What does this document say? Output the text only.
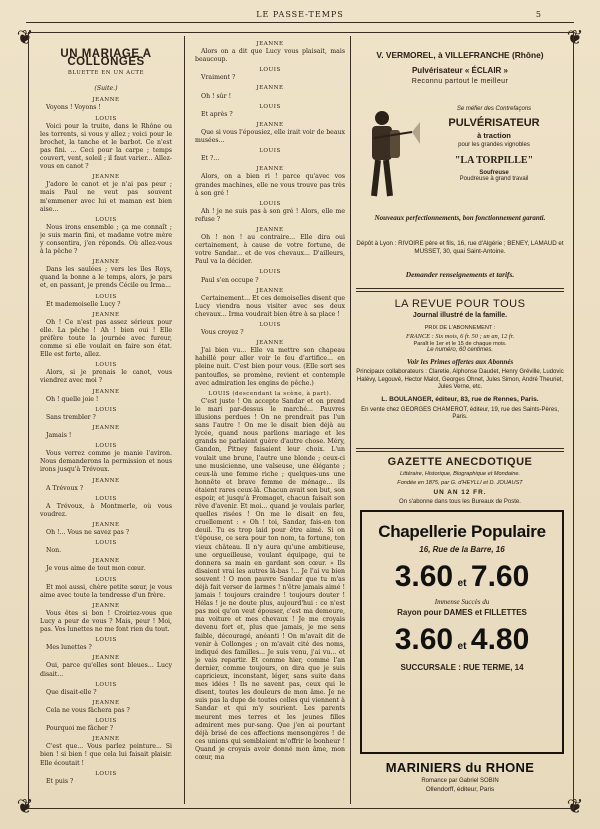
LE PASSE-TEMPS	5
❦	❦
❦	❦
UN MARIAGE A COLLONGES
BLUETTE EN UN ACTE
(Suite.)
JEANNE

Voyons ! Voyons !

LOUIS

Voici pour la truite, dans le Rhône ou les torrents, si vous y allez ; voici pour le brochet, la tanche et le barbot. Ce n'est pas fini. ... Ceci pour la carpe ; temps couvert, vent, soleil ; il faut varier... Allez-vous en canot ?

JEANNE

J'adore le canot et je n'ai pas peur ; mais Paul ne veut pas souvent m'emmener avec lui et maman est bien aise...

LOUIS

Nous irons ensemble ; ça me connaît ; je suis marin fini, et madame votre mère y consentira, j'en réponds. Où allez-vous à la pêche ?

JEANNE

Dans les saulées ; vers les îles Roys, quand la bonne a le temps, alors, je pars et, en passant, je prends Cécile ou Irma...

LOUIS

Et mademoiselle Lucy ?

JEANNE

Oh ! Ce n'est pas assez sérieux pour elle. La pêche ! Ah ! bien oui ! Elle préfère toute la journée avec fureur, comme si elle voulait en faire son état. Elle est forte, allez.

LOUIS

Alors, si je prenais le canot, vous viendrez avec moi ?

JEANNE

Oh ! quelle joie !

LOUIS

Sans trembler ?

JEANNE

Jamais !

LOUIS

Vous verrez comme je manie l'aviron. Nous demanderons la permission et nous irons jusqu'à Trévoux.

JEANNE

A Trévoux ?

LOUIS

A Trévoux, à Montmerle, où vous voudrez.

JEANNE

Oh !... Vous ne savez pas ?

LOUIS

Non.

JEANNE

Je vous aime de tout mon cœur.

LOUIS

Et moi aussi, chère petite sœur, je vous aime avec toute la tendresse d'un frère.

JEANNE

Vous êtes si bon ! Croiriez-vous que Lucy a peur de vous ? Mais, peur ! Moi, pas. Vos lunettes ne me font rien du tout.

LOUIS

Mes lunettes ?

JEANNE

Oui, parce qu'elles sont bleues... Lucy disait...

LOUIS

Que disait-elle ?

JEANNE

Cela ne vous fâchera pas ?

LOUIS

Pourquoi me fâcher ?

JEANNE

C'est que... Vous parlez peinture... Si bien ! si bien ! que cela lui faisait plaisir. Elle écoutait !

LOUIS

Et puis ?

JEANNE

Alors on a dit que Lucy vous plaisait, mais beaucoup.

LOUIS

Vraiment ?

JEANNE

Oh ! sûr !

LOUIS

Et après ?

JEANNE

Que si vous l'épousiez, elle irait voir de beaux musées...

LOUIS

Et ?...

JEANNE

Alors, on a bien ri ! parce qu'avec vos grandes machines, elle ne vous trouve pas très à son gré !

LOUIS

Ah ! je ne suis pas à son gré ! Alors, elle me refuse ?

JEANNE

Oh ! non ! au contraire... Elle dira oui certainement, à cause de votre fortune, de votre Sandar... et de vos chevaux... D'ailleurs, Paul va la décider.

LOUIS

Paul s'en occupe ?

JEANNE

Certainement... Et ces demoiselles disent que Lucy viendra nous visiter avec ses deux chevaux... Irma voudrait bien être à sa place !

LOUIS

Vous croyez ?

JEANNE

J'ai bien vu... Elle va mettre son chapeau habillé pour aller voir le feu d'artifice... en pleine nuit. C'est bien pour vous. (Elle sort ses pantoufles, se promène, revient et contemple avec admiration les engins de pêche.)

LOUIS (descendant la scène, à part).

C'est juste ! On accepte Sandar et on prend le mari par-dessus le marché... Pauvres illusions perdues ! On ne prendrait pas l'un sans l'autre ! On me le disait bien déjà au lycée, quand nous parlions mariage et les grands ne parlaient guère d'autre chose. Méry, Gandon, Pitney faisaient leur choix. L'un voulait une brune, l'autre une blonde ; ceux-ci une musicienne, une valseuse, une élégante ; ceux-là une femme riche ; quelques-uns une honnête et brave femme de ménage... ils étaient rares ceux-là. Chacun avait son but, son espoir, et jusqu'à Fromaget, chacun faisait son rêve d'avenir. Et moi... quand je voulais parler, quelles risées ! On me le disait en feu, cruellement : « Oh ! toi, Sandar, fais-en ton deuil. Tu es trop laid pour être aimé. Si on t'épouse, ce sera pour ton nom, ta fortune, ton vieux château. Il n'y aura qu'une ambitieuse, une orgueilleuse, voulant équipage, qui te donnera sa main en gardant son cœur. » Ils disaient vrai les autres là-bas !... Je l'ai vu bien souvent ! O mon pauvre Sandar que tu m'as déjà fait verser de larmes ! n'être jamais aimé ! jamais ! toujours craindre ! toujours douter ! Hélas ! je ne doute plus, aujourd'hui : ce n'est pas moi qu'on veut épouser, c'est ma demeure, ma voiture et mes chevaux ! Je me croyais devenu fort et, plus que jamais, je me sens faible, découragé, anéanti ! On m'avait dit de venir à Collonges ; on m'avait cité des noms, indiqué des familles... Je suis venu, j'ai vu... et je vais repartir. Et comme hier, comme l'an dernier, comme toujours, on dira que je suis capricieux, inconstant, léger, sans suite dans mes idées ! Ils ne savent pas, ceux qui le disent, toutes les douleurs de mon âme. Je ne suis pas la dupe de toutes celles qui viennent à Sandar et qui m'y sourient. Les parents meurent mes terres et les jeunes filles admirent mes pur-sang. Que j'en ai pourtant déjà brisé de ces affections mensongères ! de ces unions qui semblaient m'offrir le bonheur ! Quand je croyais avoir donné mon âme, mon cœur, ma

V. VERMOREL, à VILLEFRANCHE (Rhône)
Pulvérisateur « ÉCLAIR »
Reconnu partout le meilleur
Se méfier des Contrefaçons
PULVÉRISATEUR
à traction
pour les grandes vignobles
"LA TORPILLE"
Soufreuse
Poudreuse à grand travail
Nouveaux perfectionnements, bon fonctionnement garanti.
Dépôt à Lyon : RIVOIRE père et fils, 16, rue d'Algérie ; BENEY, LAMAUD et MUSSET, 30, quai Saint-Antoine.
Demander renseignements et tarifs.
LA REVUE POUR TOUS
Journal illustré de la famille.
PRIX DE L'ABONNEMENT :
FRANCE : Six mois, 6 fr. 50 ; un an, 12 fr.
Paraît le 1er et le 15 de chaque mois.
Le numéro, 60 centimes.
Voir les Primes offertes aux Abonnés
Principaux collaborateurs : Claretie, Alphonse Daudet, Henry Gréville, Ludovic Halévy, Legouvé, Hector Malot, Georges Ohnet, Jules Simon, André Theuriet, Jules Verne, etc.
L. BOULANGER, éditeur, 83, rue de Rennes, Paris.
En vente chez GEORGES CHAMEROT, éditeur, 19, rue des Saints-Pères, Paris.
GAZETTE ANECDOTIQUE
Littéraire, Historique, Biographique et Mondaine.
Fondée en 1875, par G. d'HEYLLI et D. JOUAUST
UN AN 12 FR.
On s'abonne dans tous les Bureaux de Poste.
Chapellerie Populaire
16, Rue de la Barre, 16
3.60 et 7.60
Immense Succès du
Rayon pour DAMES et FILLETTES
3.60 et 4.80
SUCCURSALE : RUE TERME, 14
MARINIERS du RHONE
Romance par Gabriel SOBIN
Ollendorff, éditeur, Paris
